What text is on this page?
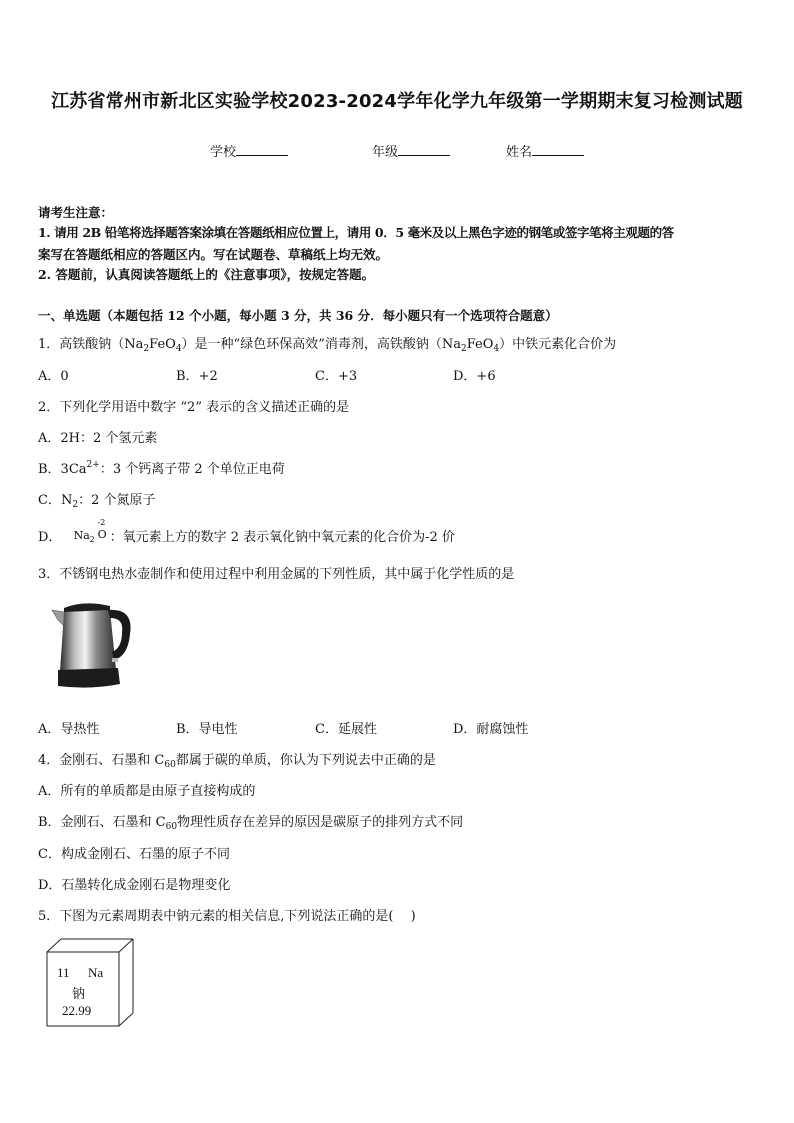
江苏省常州市新北区实验学校2023-2024学年化学九年级第一学期期末复习检测试题
学校	年级	姓名
请考生注意：
1. 请用 2B 铅笔将选择题答案涂填在答题纸相应位置上，请用 0．5 毫米及以上黑色字迹的钢笔或签字笔将主观题的答
案写在答题纸相应的答题区内。写在试题卷、草稿纸上均无效。
2. 答题前，认真阅读答题纸上的《注意事项》，按规定答题。
一、单选题（本题包括 12 个小题，每小题 3 分，共 36 分．每小题只有一个选项符合题意）
1．高铁酸钠$(Na_2FeO_4)$是一种“绿色环保高效”消毒剂，高铁酸钠$(Na_2FeO_4)$中铁元素化合价为
A．0	B．+2	C．+3	D．+6
2．下列化学用语中数字 “2” 表示的含义描述正确的是
A．2H：2 个氢元素
B．$3Ca^{2+}$：3 个钙离子带 2 个单位正电荷
C．$N_2$：2 个氮原子
D． Na 2 O
-2
：氧元素上方的数字 2 表示氧化钠中氧元素的化合价为-2 价
3．不锈钢电热水壶制作和使用过程中利用金属的下列性质，其中属于化学性质的是
A．导热性	B．导电性	C．延展性	D．耐腐蚀性
4．金刚石、石墨和 $C_{60}$都属于碳的单质，你认为下列说去中正确的是
A．所有的单质都是由原子直接构成的
B．金刚石、石墨和 $C_{60}$物理性质存在差异的原因是碳原子的排列方式不同
C．构成金刚石、石墨的原子不同
D．石墨转化成金刚石是物理变化
5．下图为元素周期表中钠元素的相关信息,下列说法正确的是(　 )
11 Na
钠
22.99
